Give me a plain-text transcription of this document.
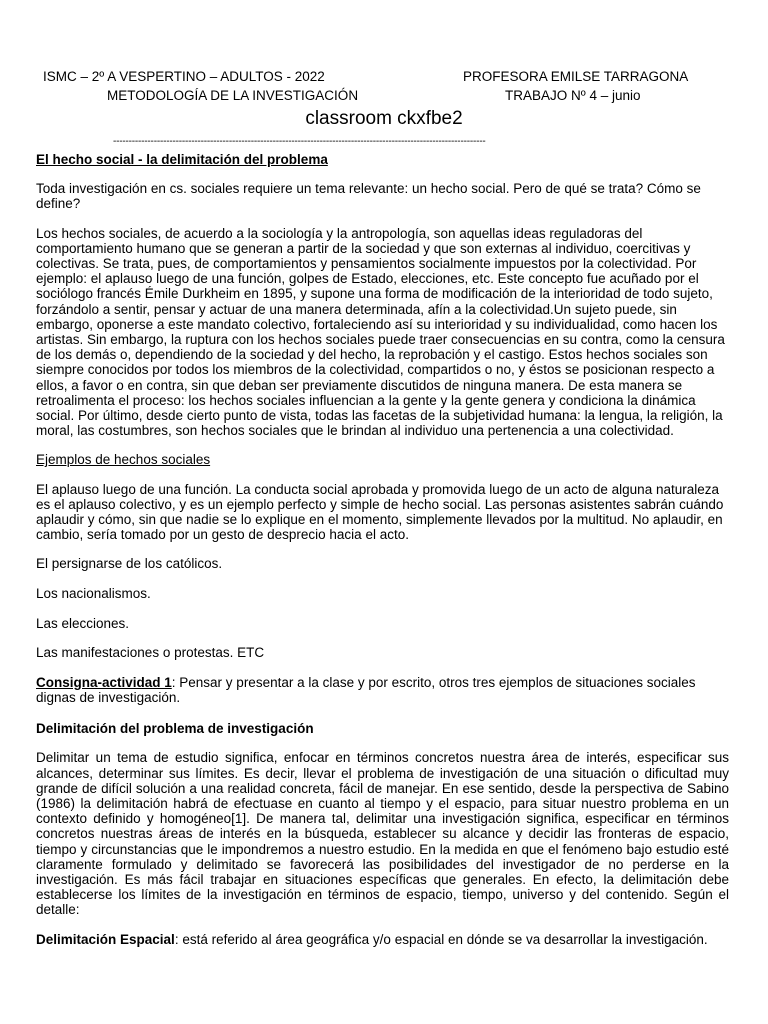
ISMC – 2º A VESPERTINO – ADULTOS - 2022	PROFESORA EMILSE TARRAGONA
METODOLOGÍA DE LA INVESTIGACIÓN	TRABAJO Nº 4 – junio
classroom ckxfbe2
-----------------------------------------------------------------------------------------------------------------------

El hecho social - la delimitación del problema

Toda investigación en cs. sociales requiere un tema relevante: un hecho social. Pero de qué se trata? Cómo se define?

Los hechos sociales, de acuerdo a la sociología y la antropología, son aquellas ideas reguladoras del comportamiento humano que se generan a partir de la sociedad y que son externas al individuo, coercitivas y colectivas. Se trata, pues, de comportamientos y pensamientos socialmente impuestos por la colectividad. Por ejemplo: el aplauso luego de una función, golpes de Estado, elecciones, etc. Este concepto fue acuñado por el sociólogo francés Émile Durkheim en 1895, y supone una forma de modificación de la interioridad de todo sujeto, forzándolo a sentir, pensar y actuar de una manera determinada, afín a la colectividad.Un sujeto puede, sin embargo, oponerse a este mandato colectivo, fortaleciendo así su interioridad y su individualidad, como hacen los artistas. Sin embargo, la ruptura con los hechos sociales puede traer consecuencias en su contra, como la censura de los demás o, dependiendo de la sociedad y del hecho, la reprobación y el castigo. Estos hechos sociales son siempre conocidos por todos los miembros de la colectividad, compartidos o no, y éstos se posicionan respecto a ellos, a favor o en contra, sin que deban ser previamente discutidos de ninguna manera. De esta manera se retroalimenta el proceso: los hechos sociales influencian a la gente y la gente genera y condiciona la dinámica social. Por último, desde cierto punto de vista, todas las facetas de la subjetividad humana: la lengua, la religión, la moral, las costumbres, son hechos sociales que le brindan al individuo una pertenencia a una colectividad.

Ejemplos de hechos sociales

El aplauso luego de una función. La conducta social aprobada y promovida luego de un acto de alguna naturaleza es el aplauso colectivo, y es un ejemplo perfecto y simple de hecho social. Las personas asistentes sabrán cuándo aplaudir y cómo, sin que nadie se lo explique en el momento, simplemente llevados por la multitud. No aplaudir, en cambio, sería tomado por un gesto de desprecio hacia el acto.

El persignarse de los católicos.

Los nacionalismos.

Las elecciones.

Las manifestaciones o protestas. ETC

Consigna-actividad 1: Pensar y presentar a la clase y por escrito, otros tres ejemplos de situaciones sociales dignas de investigación.

Delimitación del problema de investigación

Delimitar un tema de estudio significa, enfocar en términos concretos nuestra área de interés, especificar sus alcances, determinar sus límites. Es decir, llevar el problema de investigación de una situación o dificultad muy grande de difícil solución a una realidad concreta, fácil de manejar. En ese sentido, desde la perspectiva de Sabino (1986) la delimitación habrá de efectuase en cuanto al tiempo y el espacio, para situar nuestro problema en un contexto definido y homogéneo[1]. De manera tal, delimitar una investigación significa, especificar en términos concretos nuestras áreas de interés en la búsqueda, establecer su alcance y decidir las fronteras de espacio, tiempo y circunstancias que le impondremos a nuestro estudio. En la medida en que el fenómeno bajo estudio esté claramente formulado y delimitado se favorecerá las posibilidades del investigador de no perderse en la investigación. Es más fácil trabajar en situaciones específicas que generales. En efecto, la delimitación debe establecerse los límites de la investigación en términos de espacio, tiempo, universo y del contenido. Según el detalle:

Delimitación Espacial: está referido al área geográfica y/o espacial en dónde se va desarrollar la investigación.
